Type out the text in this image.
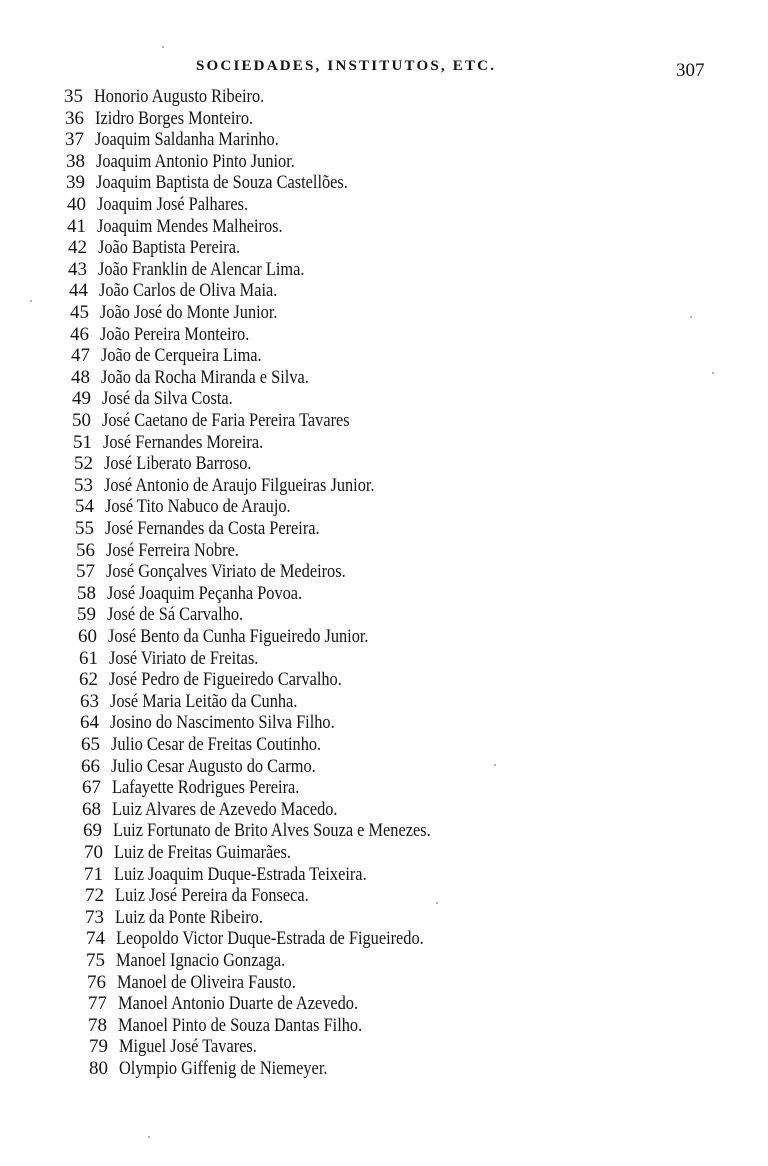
SOCIEDADES, INSTITUTOS, ETC.	307
35 Honorio Augusto Ribeiro.
36 Izidro Borges Monteiro.
37 Joaquim Saldanha Marinho.
38 Joaquim Antonio Pinto Junior.
39 Joaquim Baptista de Souza Castellões.
40 Joaquim José Palhares.
41 Joaquim Mendes Malheiros.
42 João Baptista Pereira.
43 João Franklin de Alencar Lima.
44 João Carlos de Oliva Maia.
45 João José do Monte Junior.
46 João Pereira Monteiro.
47 João de Cerqueira Lima.
48 João da Rocha Miranda e Silva.
49 José da Silva Costa.
50 José Caetano de Faria Pereira Tavares
51 José Fernandes Moreira.
52 José Liberato Barroso.
53 José Antonio de Araujo Filgueiras Junior.
54 José Tito Nabuco de Araujo.
55 José Fernandes da Costa Pereira.
56 José Ferreira Nobre.
57 José Gonçalves Viriato de Medeiros.
58 José Joaquim Peçanha Povoa.
59 José de Sá Carvalho.
60 José Bento da Cunha Figueiredo Junior.
61 José Viriato de Freitas.
62 José Pedro de Figueiredo Carvalho.
63 José Maria Leitão da Cunha.
64 Josino do Nascimento Silva Filho.
65 Julio Cesar de Freitas Coutinho.
66 Julio Cesar Augusto do Carmo.
67 Lafayette Rodrigues Pereira.
68 Luiz Alvares de Azevedo Macedo.
69 Luiz Fortunato de Brito Alves Souza e Menezes.
70 Luiz de Freitas Guimarães.
71 Luiz Joaquim Duque-Estrada Teixeira.
72 Luiz José Pereira da Fonseca.
73 Luiz da Ponte Ribeiro.
74 Leopoldo Victor Duque-Estrada de Figueiredo.
75 Manoel Ignacio Gonzaga.
76 Manoel de Oliveira Fausto.
77 Manoel Antonio Duarte de Azevedo.
78 Manoel Pinto de Souza Dantas Filho.
79 Miguel José Tavares.
80 Olympio Giffenig de Niemeyer.
